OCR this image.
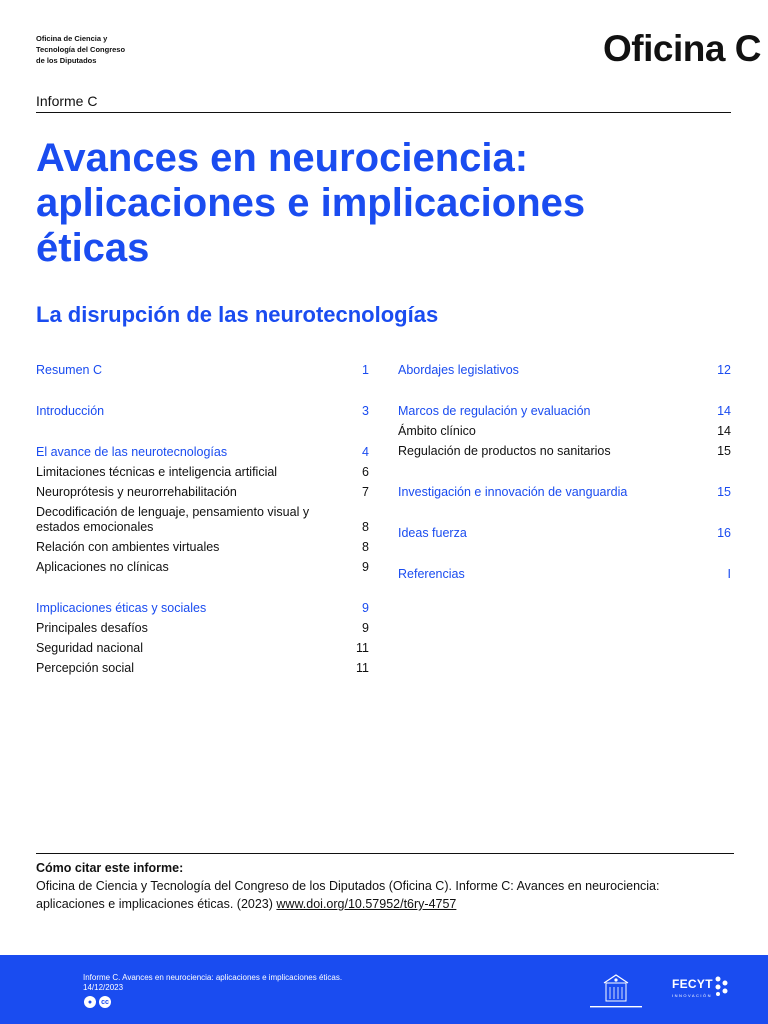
Oficina de Ciencia y
Tecnología del Congreso
de los Diputados	Oficina C
Informe C
Avances en neurociencia:
aplicaciones e implicaciones
éticas
La disrupción de las neurotecnologías
Resumen C	1
Introducción	3
El avance de las neurotecnologías	4
Limitaciones técnicas e inteligencia artificial	6
Neuroprótesis y neurorrehabilitación	7
Decodificación de lenguaje, pensamiento visual y estados emocionales	8
Relación con ambientes virtuales	8
Aplicaciones no clínicas	9
Implicaciones éticas y sociales	9
Principales desafíos	9
Seguridad nacional	11
Percepción social	11
Abordajes legislativos	12
Marcos de regulación y evaluación	14
Ámbito clínico	14
Regulación de productos no sanitarios	15
Investigación e innovación de vanguardia	15
Ideas fuerza	16
Referencias	I
Cómo citar este informe:
Oficina de Ciencia y Tecnología del Congreso de los Diputados (Oficina C). Informe C: Avances en neurociencia:
aplicaciones e implicaciones éticas. (2023) www.doi.org/10.57952/t6ry-4757
Informe C. Avances en neurociencia: aplicaciones e implicaciones éticas.
14/12/2023
●	cc
FECYT
INNOVACIÓN
